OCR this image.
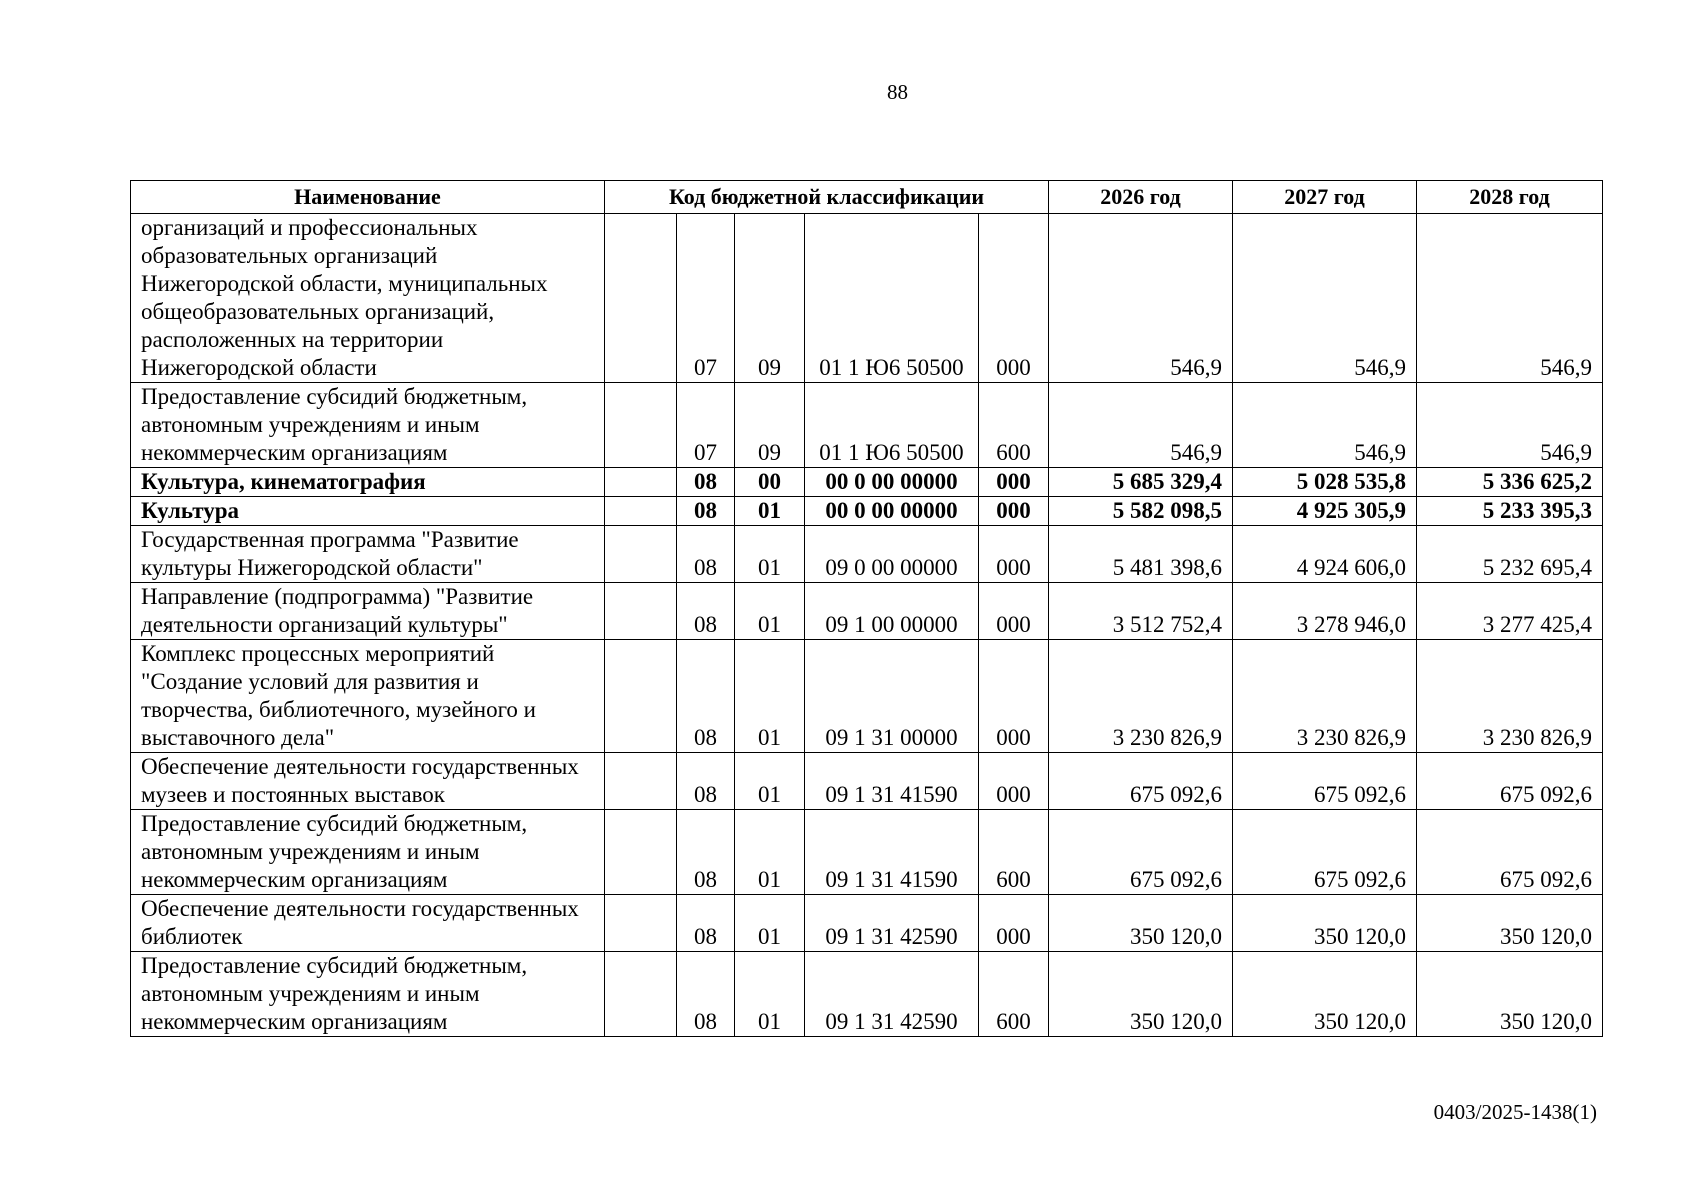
88
Наименование	Код бюджетной классификации					2026 год	2027 год	2028 год
организаций и профессиональных образовательных организаций Нижегородской области, муниципальных общеобразовательных организаций, расположенных на территории Нижегородской области		07	09	01 1 Ю6 50500	000	546,9	546,9	546,9
Предоставление субсидий бюджетным, автономным учреждениям и иным некоммерческим организациям		07	09	01 1 Ю6 50500	600	546,9	546,9	546,9
Культура, кинематография		08	00	00 0 00 00000	000	5 685 329,4	5 028 535,8	5 336 625,2
Культура		08	01	00 0 00 00000	000	5 582 098,5	4 925 305,9	5 233 395,3
Государственная программа "Развитие культуры Нижегородской области"		08	01	09 0 00 00000	000	5 481 398,6	4 924 606,0	5 232 695,4
Направление (подпрограмма) "Развитие деятельности организаций культуры"		08	01	09 1 00 00000	000	3 512 752,4	3 278 946,0	3 277 425,4
Комплекс процессных мероприятий "Создание условий для развития и творчества, библиотечного, музейного и выставочного дела"		08	01	09 1 31 00000	000	3 230 826,9	3 230 826,9	3 230 826,9
Обеспечение деятельности государственных музеев и постоянных выставок		08	01	09 1 31 41590	000	675 092,6	675 092,6	675 092,6
Предоставление субсидий бюджетным, автономным учреждениям и иным некоммерческим организациям		08	01	09 1 31 41590	600	675 092,6	675 092,6	675 092,6
Обеспечение деятельности государственных библиотек		08	01	09 1 31 42590	000	350 120,0	350 120,0	350 120,0
Предоставление субсидий бюджетным, автономным учреждениям и иным некоммерческим организациям		08	01	09 1 31 42590	600	350 120,0	350 120,0	350 120,0
0403/2025-1438(1)
